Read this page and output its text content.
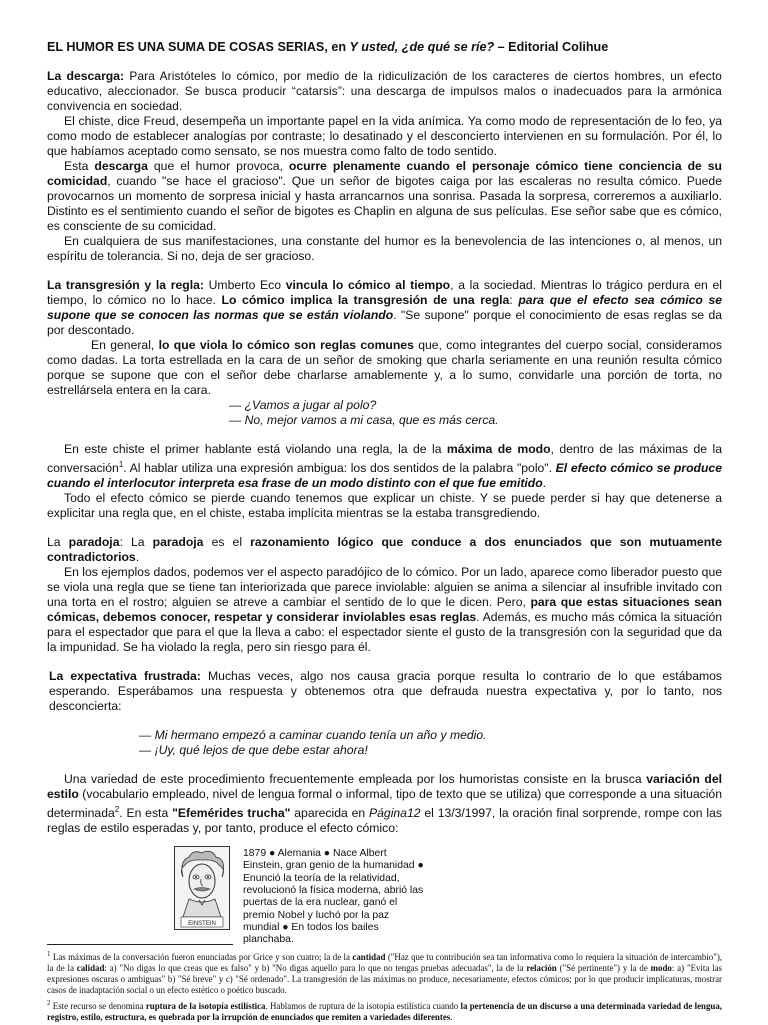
EL HUMOR ES UNA SUMA DE COSAS SERIAS, en Y usted, ¿de qué se ríe? – Editorial Colihue

La descarga: Para Aristóteles lo cómico, por medio de la ridiculización de los caracteres de ciertos hombres, un efecto educativo, aleccionador. Se busca producir “catarsis”: una descarga de impulsos malos o inadecuados para la armónica convivencia en sociedad.

El chiste, dice Freud, desempeña un importante papel en la vida anímica. Ya como modo de representación de lo feo, ya como modo de establecer analogías por contraste; lo desatinado y el desconcierto intervienen en su formulación. Por él, lo que habíamos aceptado como sensato, se nos muestra como falto de todo sentido.

Esta descarga que el humor provoca, ocurre plenamente cuando el personaje cómico tiene conciencia de su comicidad, cuando "se hace el gracioso". Que un señor de bigotes caiga por las escaleras no resulta cómico. Puede provocarnos un momento de sorpresa inicial y hasta arrancarnos una sonrisa. Pasada la sorpresa, correremos a auxiliarlo. Distinto es el sentimiento cuando el señor de bigotes es Chaplin en alguna de sus películas. Ese señor sabe que es cómico, es consciente de su comicidad.

En cualquiera de sus manifestaciones, una constante del humor es la benevolencia de las intenciones o, al menos, un espíritu de tolerancia. Si no, deja de ser gracioso.

La transgresión y la regla: Umberto Eco vincula lo cómico al tiempo, a la sociedad. Mientras lo trágico perdura en el tiempo, lo cómico no lo hace. Lo cómico implica la transgresión de una regla: para que el efecto sea cómico se supone que se conocen las normas que se están violando. "Se supone" porque el conocimiento de esas reglas se da por descontado.

En general, lo que viola lo cómico son reglas comunes que, como integrantes del cuerpo social, consideramos como dadas. La torta estrellada en la cara de un señor de smoking que charla seriamente en una reunión resulta cómico porque se supone que con el señor debe charlarse amablemente y, a lo sumo, convidarle una porción de torta, no estrellársela entera en la cara.

— ¿Vamos a jugar al polo?

— No, mejor vamos a mi casa, que es más cerca.

En este chiste el primer hablante está violando una regla, la de la máxima de modo, dentro de las máximas de la conversación$^1$. Al hablar utiliza una expresión ambigua: los dos sentidos de la palabra "polo". El efecto cómico se produce cuando el interlocutor interpreta esa frase de un modo distinto con el que fue emitido.

Todo el efecto cómico se pierde cuando tenemos que explicar un chiste. Y se puede perder si hay que detenerse a explicitar una regla que, en el chiste, estaba implícita mientras se la estaba transgrediendo.

La paradoja: La paradoja es el razonamiento lógico que conduce a dos enunciados que son mutuamente contradictorios.

En los ejemplos dados, podemos ver el aspecto paradójico de lo cómico. Por un lado, aparece como liberador puesto que se viola una regla que se tiene tan interiorizada que parece inviolable: alguien se anima a silenciar al insufrible invitado con una torta en el rostro; alguien se atreve a cambiar el sentido de lo que le dicen. Pero, para que estas situaciones sean cómicas, debemos conocer, respetar y considerar inviolables esas reglas. Además, es mucho más cómica la situación para el espectador que para el que la lleva a cabo: el espectador siente el gusto de la transgresión con la seguridad que da la impunidad. Se ha violado la regla, pero sin riesgo para él.

La expectativa frustrada: Muchas veces, algo nos causa gracia porque resulta lo contrario de lo que estábamos esperando. Esperábamos una respuesta y obtenemos otra que defrauda nuestra expectativa y, por lo tanto, nos desconcierta:

— Mi hermano empezó a caminar cuando tenía un año y medio.

— ¡Uy, qué lejos de que debe estar ahora!

Una variedad de este procedimiento frecuentemente empleada por los humoristas consiste en la brusca variación del estilo (vocabulario empleado, nivel de lengua formal o informal, tipo de texto que se utiliza) que corresponde a una situación determinada$^2$. En esta "Efemérides trucha" aparecida en Página12 el 13/3/1997, la oración final sorprende, rompe con las reglas de estilo esperadas y, por tanto, produce el efecto cómico:

EINSTEIN
1879 ● Alemania ● Nace Albert Einstein, gran genio de la humanidad ● Enunció la teoría de la relatividad, revolucionó la física moderna, abrió las puertas de la era nuclear, ganó el premio Nobel y luchó por la paz mundial ● En todos los bailes planchaba.

$^1$ Las máximas de la conversación fueron enunciadas por Grice y son cuatro; la de la cantidad ("Haz que tu contribución sea tan informativa como lo requiera la situación de intercambio"), la de la calidad: a) "No digas lo que creas que es falso" y b) "No digas aquello para lo que no tengas pruebas adecuadas", la de la relación ("Sé pertinente") y la de modo: a) "Evita las expresiones oscuras o ambiguas" b) "Sé breve" y c) "Sé ordenado". La transgresión de las máximas no produce, necesariamente, efectos cómicos; por lo que producir implicaturas, mostrar casos de inadaptación social o un efecto estético o poético buscado.

$^2$ Este recurso se denomina ruptura de la isotopía estilística. Hablamos de ruptura de la isotopía estilística cuando la pertenencia de un discurso a una determinada variedad de lengua, registro, estilo, estructura, es quebrada por la irrupción de enunciados que remiten a variedades diferentes.
